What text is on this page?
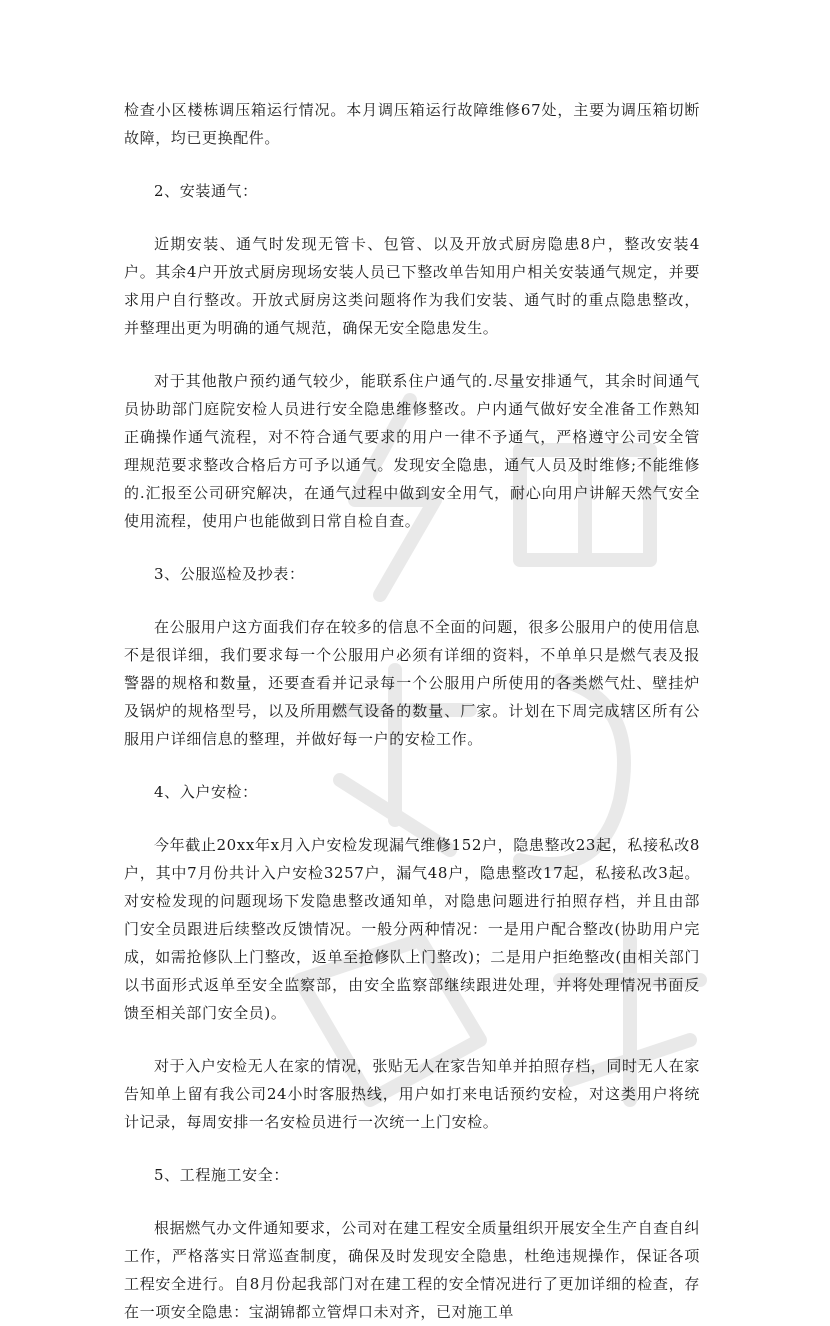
检查小区楼栋调压箱运行情况。本月调压箱运行故障维修67处，主要为调压箱切断故障，均已更换配件。

2、安装通气：

近期安装、通气时发现无管卡、包管、以及开放式厨房隐患8户，整改安装4户。其余4户开放式厨房现场安装人员已下整改单告知用户相关安装通气规定，并要求用户自行整改。开放式厨房这类问题将作为我们安装、通气时的重点隐患整改，并整理出更为明确的通气规范，确保无安全隐患发生。

对于其他散户预约通气较少，能联系住户通气的.尽量安排通气，其余时间通气员协助部门庭院安检人员进行安全隐患维修整改。户内通气做好安全准备工作熟知正确操作通气流程，对不符合通气要求的用户一律不予通气，严格遵守公司安全管理规范要求整改合格后方可予以通气。发现安全隐患，通气人员及时维修;不能维修的.汇报至公司研究解决，在通气过程中做到安全用气，耐心向用户讲解天然气安全使用流程，使用户也能做到日常自检自查。

3、公服巡检及抄表：

在公服用户这方面我们存在较多的信息不全面的问题，很多公服用户的使用信息不是很详细，我们要求每一个公服用户必须有详细的资料，不单单只是燃气表及报警器的规格和数量，还要查看并记录每一个公服用户所使用的各类燃气灶、壁挂炉及锅炉的规格型号，以及所用燃气设备的数量、厂家。计划在下周完成辖区所有公服用户详细信息的整理，并做好每一户的安检工作。

4、入户安检：

今年截止20xx年x月入户安检发现漏气维修152户，隐患整改23起，私接私改8户，其中7月份共计入户安检3257户，漏气48户，隐患整改17起，私接私改3起。对安检发现的问题现场下发隐患整改通知单，对隐患问题进行拍照存档，并且由部门安全员跟进后续整改反馈情况。一般分两种情况：一是用户配合整改(协助用户完成，如需抢修队上门整改，返单至抢修队上门整改)；二是用户拒绝整改(由相关部门以书面形式返单至安全监察部，由安全监察部继续跟进处理，并将处理情况书面反馈至相关部门安全员)。

对于入户安检无人在家的情况，张贴无人在家告知单并拍照存档，同时无人在家告知单上留有我公司24小时客服热线，用户如打来电话预约安检，对这类用户将统计记录，每周安排一名安检员进行一次统一上门安检。

5、工程施工安全：

根据燃气办文件通知要求，公司对在建工程安全质量组织开展安全生产自查自纠工作，严格落实日常巡查制度，确保及时发现安全隐患，杜绝违规操作，保证各项工程安全进行。自8月份起我部门对在建工程的安全情况进行了更加详细的检查，存在一项安全隐患：宝湖锦都立管焊口未对齐，已对施工单
